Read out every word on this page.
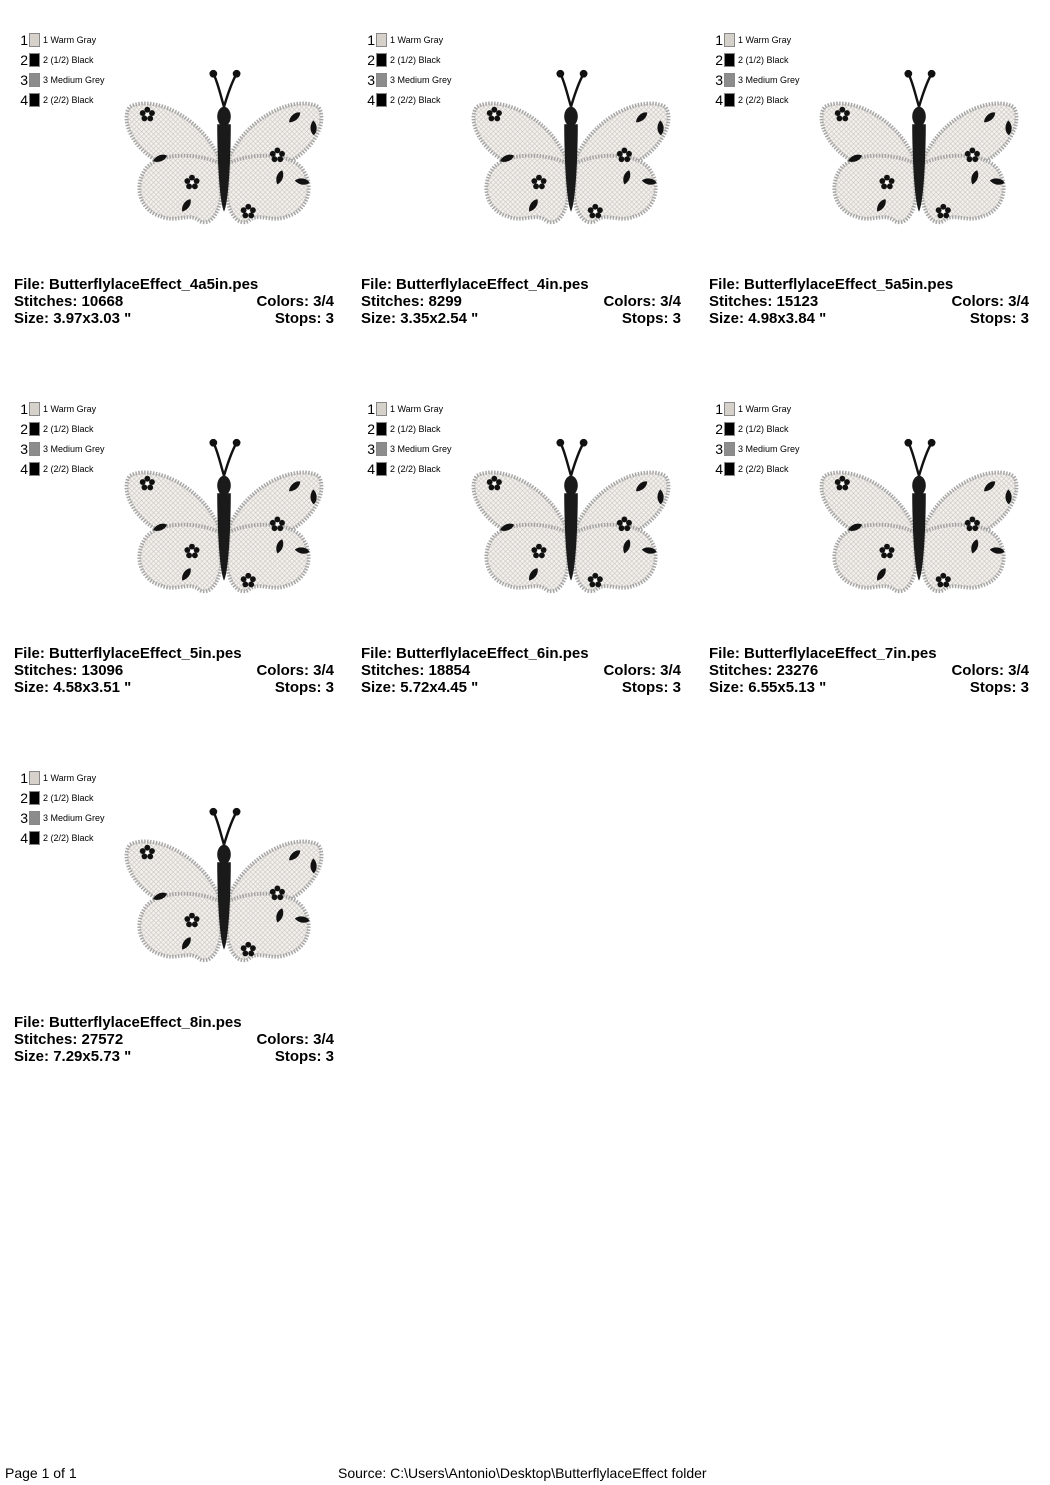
1 1 Warm Gray
2 2 (1/2) Black
3 3 Medium Grey
4 2 (2/2) Black
File: ButterflylaceEffect_4a5in.pes
Stitches: 10668	Colors: 3/4
Size: 3.97x3.03 "	Stops: 3
1 1 Warm Gray
2 2 (1/2) Black
3 3 Medium Grey
4 2 (2/2) Black
File: ButterflylaceEffect_4in.pes
Stitches: 8299	Colors: 3/4
Size: 3.35x2.54 "	Stops: 3
1 1 Warm Gray
2 2 (1/2) Black
3 3 Medium Grey
4 2 (2/2) Black
File: ButterflylaceEffect_5a5in.pes
Stitches: 15123	Colors: 3/4
Size: 4.98x3.84 "	Stops: 3
1 1 Warm Gray
2 2 (1/2) Black
3 3 Medium Grey
4 2 (2/2) Black
File: ButterflylaceEffect_5in.pes
Stitches: 13096	Colors: 3/4
Size: 4.58x3.51 "	Stops: 3
1 1 Warm Gray
2 2 (1/2) Black
3 3 Medium Grey
4 2 (2/2) Black
File: ButterflylaceEffect_6in.pes
Stitches: 18854	Colors: 3/4
Size: 5.72x4.45 "	Stops: 3
1 1 Warm Gray
2 2 (1/2) Black
3 3 Medium Grey
4 2 (2/2) Black
File: ButterflylaceEffect_7in.pes
Stitches: 23276	Colors: 3/4
Size: 6.55x5.13 "	Stops: 3
1 1 Warm Gray
2 2 (1/2) Black
3 3 Medium Grey
4 2 (2/2) Black
File: ButterflylaceEffect_8in.pes
Stitches: 27572	Colors: 3/4
Size: 7.29x5.73 "	Stops: 3
Page 1 of 1	Source: C:\Users\Antonio\Desktop\ButterflylaceEffect folder
